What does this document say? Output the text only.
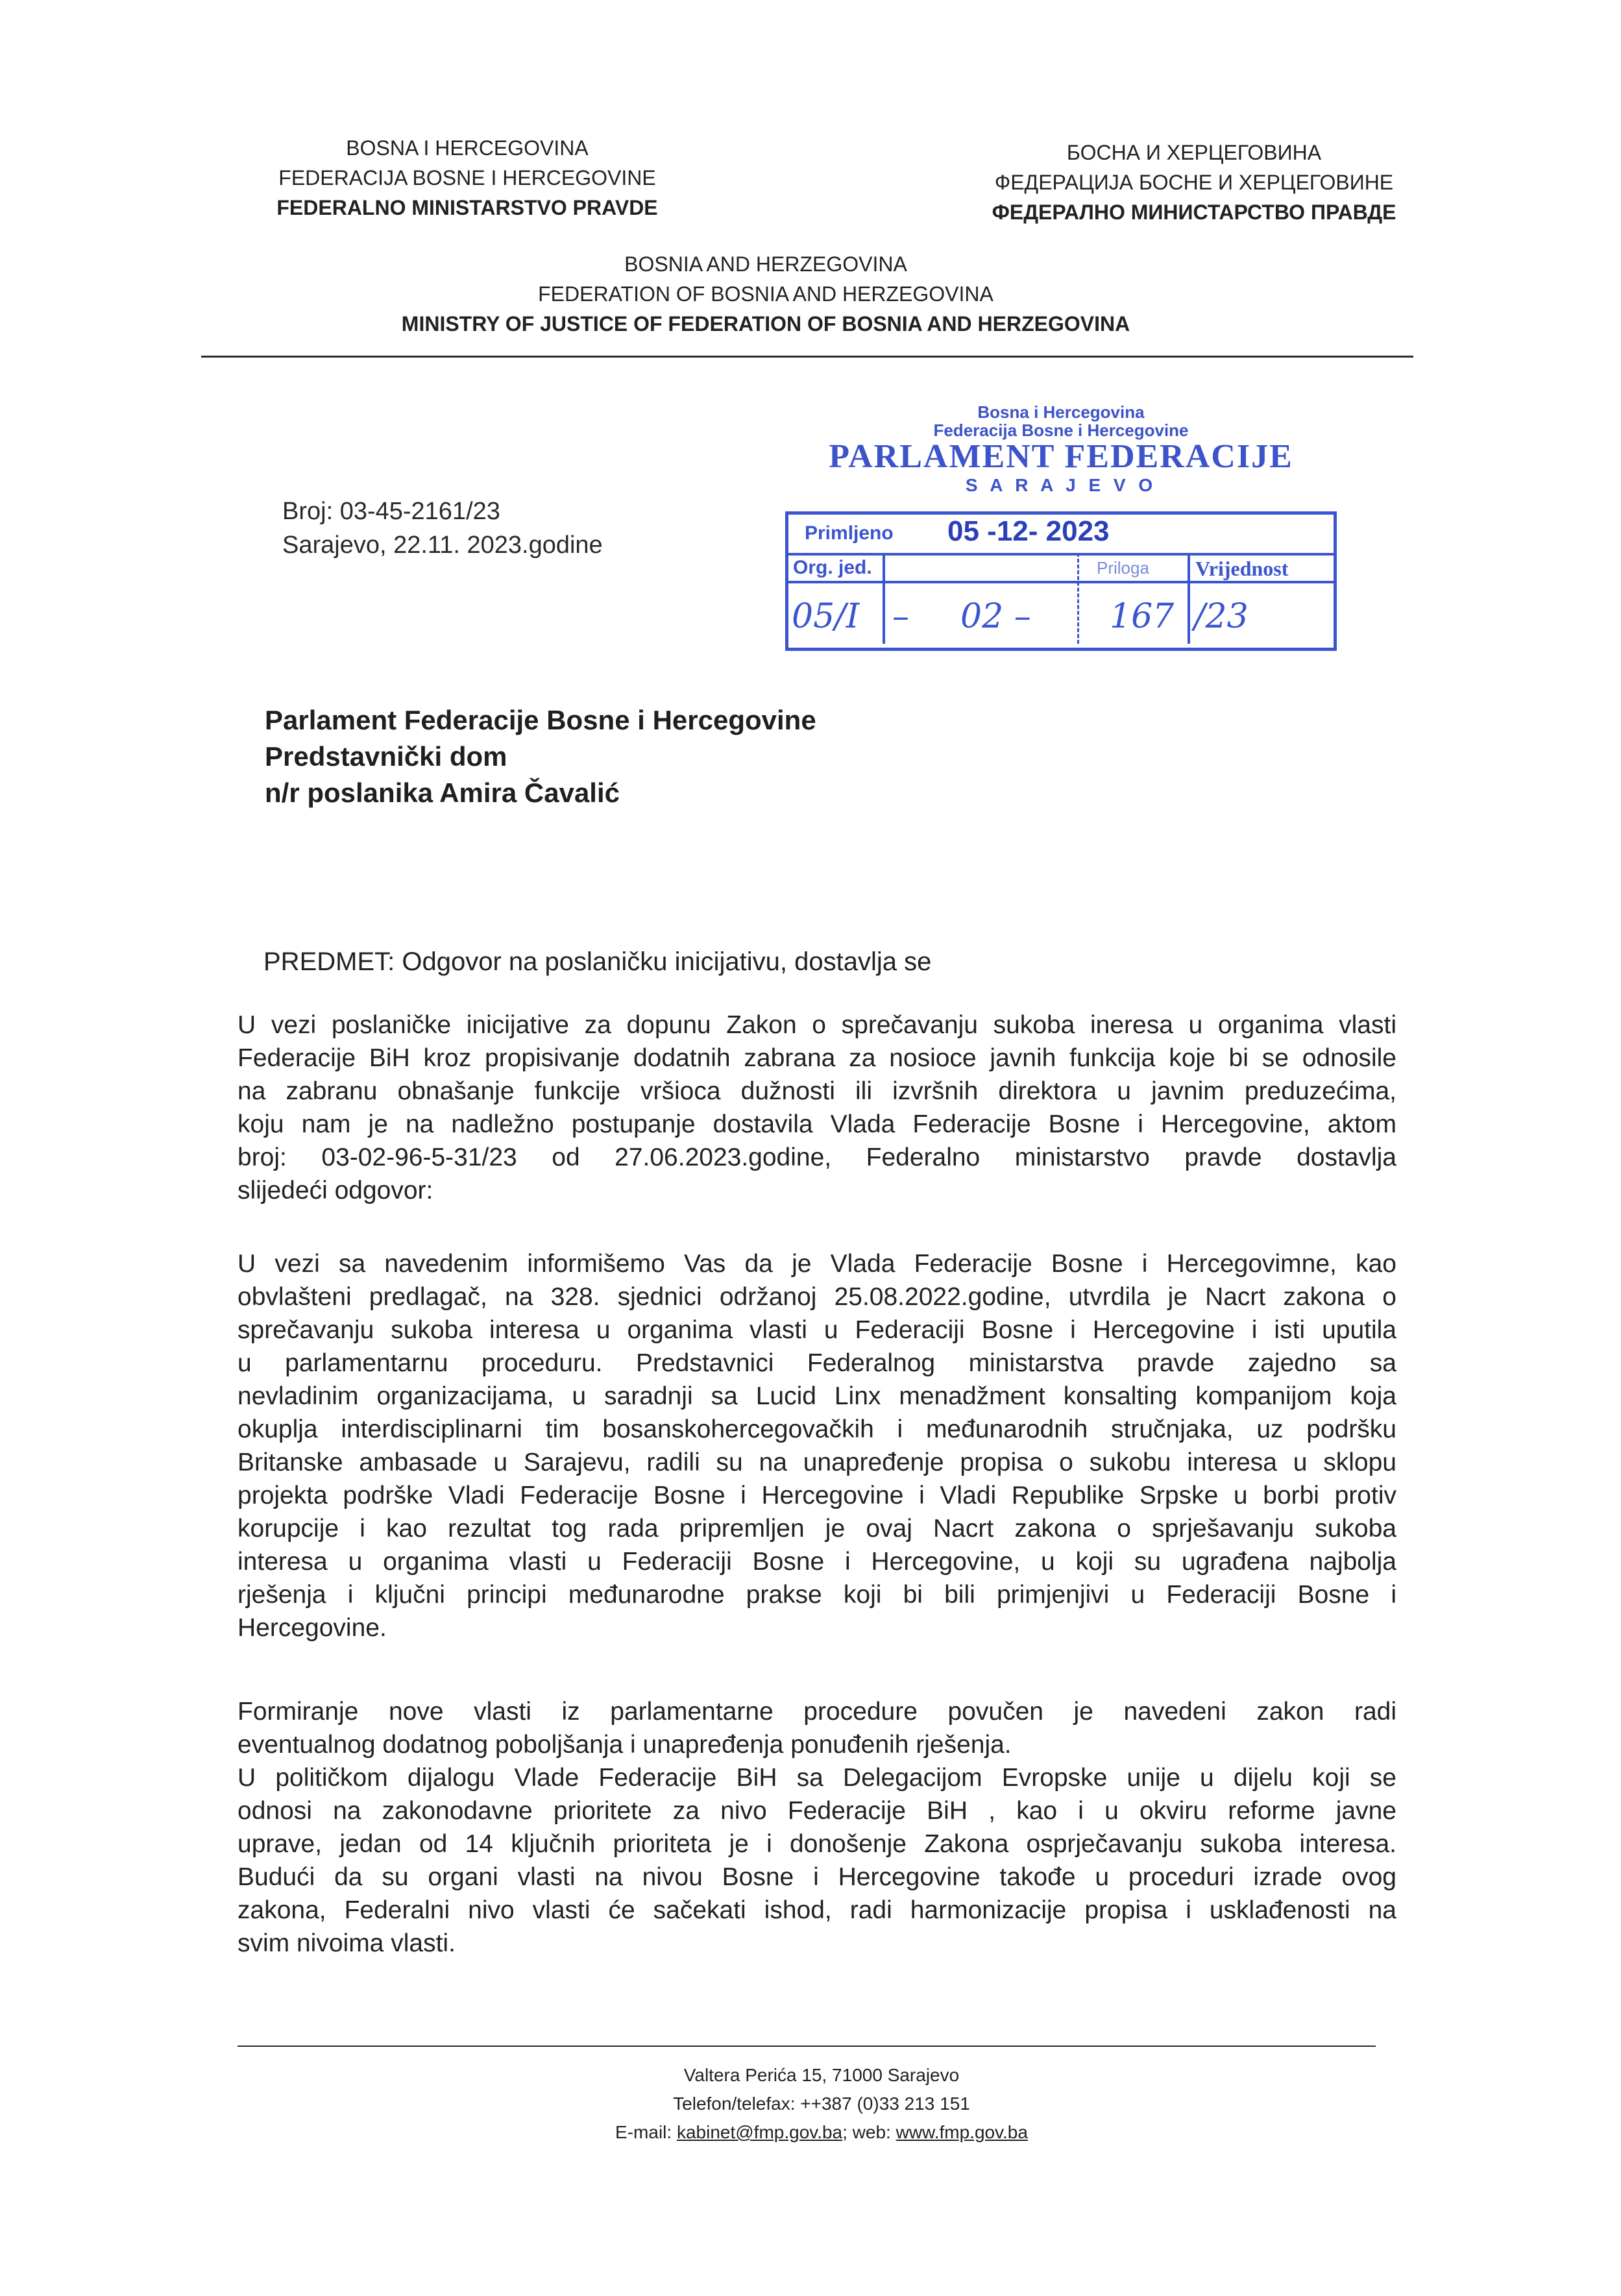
BOSNA I HERCEGOVINA
FEDERACIJA BOSNE I HERCEGOVINE
FEDERALNO MINISTARSTVO PRAVDE
БОСНА И ХЕРЦЕГОВИНА
ФЕДЕРАЦИЈА БОСНЕ И ХЕРЦЕГОВИНЕ
ФЕДЕРАЛНО МИНИСТАРСТВО ПРАВДЕ
BOSNIA AND HERZEGOVINA
FEDERATION OF BOSNIA AND HERZEGOVINA
MINISTRY OF JUSTICE OF FEDERATION OF BOSNIA AND HERZEGOVINA
Bosna i Hercegovina
Federacija Bosne i Hercegovine
PARLAMENT FEDERACIJE
S A R A J E V O
Primljeno 05 -12- 2023
Org. jed.	Priloga Vrijednost
05/I – 02 – 167 /23
Broj: 03-45-2161/23
Sarajevo, 22.11. 2023.godine
Parlament Federacije Bosne i Hercegovine
Predstavnički dom
n/r poslanika Amira Čavalić
PREDMET: Odgovor na poslaničku inicijativu, dostavlja se
U vezi poslaničke inicijative za dopunu Zakon o sprečavanju sukoba ineresa u organima vlasti
Federacije BiH kroz propisivanje dodatnih zabrana za nosioce javnih funkcija koje bi se odnosile
na zabranu obnašanje funkcije vršioca dužnosti ili izvršnih direktora u javnim preduzećima,
koju nam je na nadležno postupanje dostavila Vlada Federacije Bosne i Hercegovine, aktom
broj: 03-02-96-5-31/23 od 27.06.2023.godine, Federalno ministarstvo pravde dostavlja
slijedeći odgovor:
U vezi sa navedenim informišemo Vas da je Vlada Federacije Bosne i Hercegovimne, kao
obvlašteni predlagač, na 328. sjednici održanoj 25.08.2022.godine, utvrdila je Nacrt zakona o
sprečavanju sukoba interesa u organima vlasti u Federaciji Bosne i Hercegovine i isti uputila
u parlamentarnu proceduru. Predstavnici Federalnog ministarstva pravde zajedno sa
nevladinim organizacijama, u saradnji sa Lucid Linx menadžment konsalting kompanijom koja
okuplja interdisciplinarni tim bosanskohercegovačkih i međunarodnih stručnjaka, uz podršku
Britanske ambasade u Sarajevu, radili su na unapređenje propisa o sukobu interesa u sklopu
projekta podrške Vladi Federacije Bosne i Hercegovine i Vladi Republike Srpske u borbi protiv
korupcije i kao rezultat tog rada pripremljen je ovaj Nacrt zakona o sprješavanju sukoba
interesa u organima vlasti u Federaciji Bosne i Hercegovine, u koji su ugrađena najbolja
rješenja i ključni principi međunarodne prakse koji bi bili primjenjivi u Federaciji Bosne i
Hercegovine.
Formiranje nove vlasti iz parlamentarne procedure povučen je navedeni zakon radi
eventualnog dodatnog poboljšanja i unapređenja ponuđenih rješenja.
U političkom dijalogu Vlade Federacije BiH sa Delegacijom Evropske unije u dijelu koji se
odnosi na zakonodavne prioritete za nivo Federacije BiH , kao i u okviru reforme javne
uprave, jedan od 14 ključnih prioriteta je i donošenje Zakona osprječavanju sukoba interesa.
Budući da su organi vlasti na nivou Bosne i Hercegovine takođe u proceduri izrade ovog
zakona, Federalni nivo vlasti će sačekati ishod, radi harmonizacije propisa i usklađenosti na
svim nivoima vlasti.
Valtera Perića 15, 71000 Sarajevo
Telefon/telefax: ++387 (0)33 213 151
E-mail: kabinet@fmp.gov.ba; web: www.fmp.gov.ba
